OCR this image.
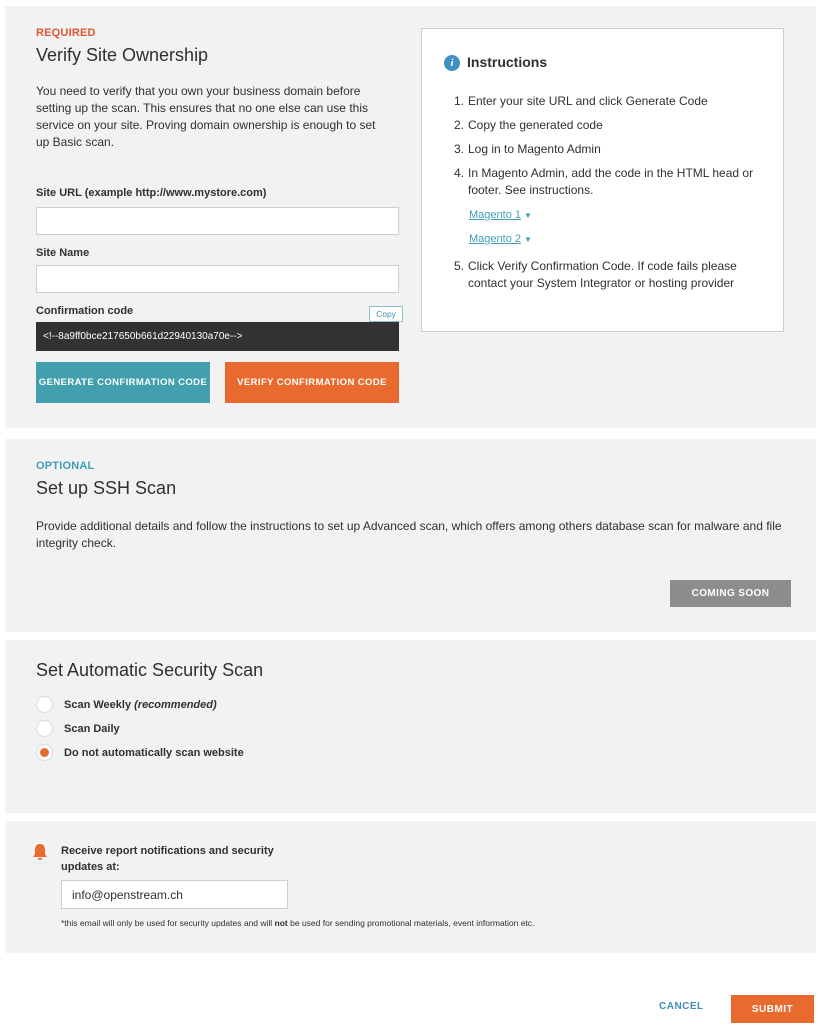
REQUIRED
Verify Site Ownership
You need to verify that you own your business domain before setting up the scan. This ensures that no one else can use this service on your site. Proving domain ownership is enough to set up Basic scan.
Site URL (example http://www.mystore.com)
Site Name
Confirmation code	Copy
<!--8a9ff0bce217650b661d22940130a70e-->
GENERATE CONFIRMATION CODE	VERIFY CONFIRMATION CODE
i Instructions
1. Enter your site URL and click Generate Code
2. Copy the generated code
3. Log in to Magento Admin
4. In Magento Admin, add the code in the HTML head or footer. See instructions.
Magento 1 ▼
Magento 2 ▼
5. Click Verify Confirmation Code. If code fails please contact your System Integrator or hosting provider
OPTIONAL
Set up SSH Scan
Provide additional details and follow the instructions to set up Advanced scan, which offers among others database scan for malware and file integrity check.
COMING SOON
Set Automatic Security Scan
Scan Weekly (recommended)
Scan Daily
Do not automatically scan website
Receive report notifications and security updates at:
info@openstream.ch
*this email will only be used for security updates and will not be used for sending promotional materials, event information etc.
CANCEL	SUBMIT
